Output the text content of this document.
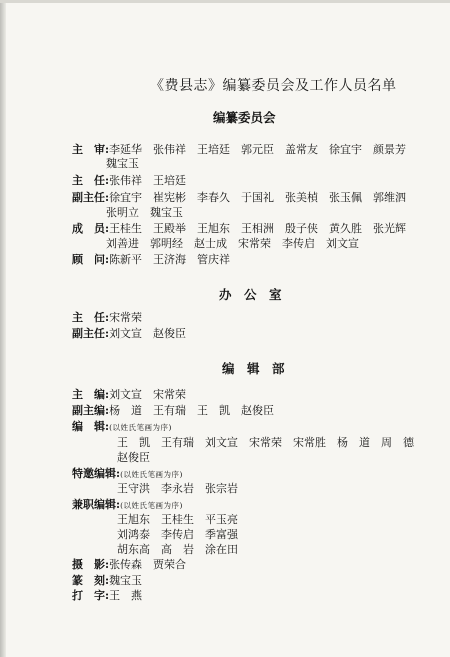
《费县志》编纂委员会及工作人员名单
编纂委员会
主　审:李延华　张伟祥　王培廷　郭元臣　盖常友　徐宜宇　颜景芳
魏宝玉
主　任:张伟祥　王培廷
副主任:徐宜宇　崔宪彬　李春久　于国礼　张美楨　张玉佩　郭维泗
张明立　魏宝玉
成　员:王桂生　王殿举　王旭东　王相洲　殷子侠　黄久胜　张光辉
刘善进　郭明经　赵士成　宋常荣　李传启　刘文宣
顾　问:陈新平　王济海　管庆祥
办　公　室
主　任:宋常荣
副主任:刘文宣　赵俊臣
编　辑　部
主　编:刘文宣　宋常荣
副主编:杨　道　王有瑞　王　凯　赵俊臣
编　辑:(以姓氏笔画为序)
王　凯　王有瑞　刘文宣　宋常荣　宋常胜　杨　道　周　德
赵俊臣
特邀编辑:(以姓氏笔画为序)
王守洪　李永岩　张宗岩
兼职编辑:(以姓氏笔画为序)
王旭东　王桂生　平玉亮
刘鸿泰　李传启　季富强
胡东高　高　岩　涂在田
摄　影:张传森　贾荣合
篆　刻:魏宝玉
打　字:王　燕
